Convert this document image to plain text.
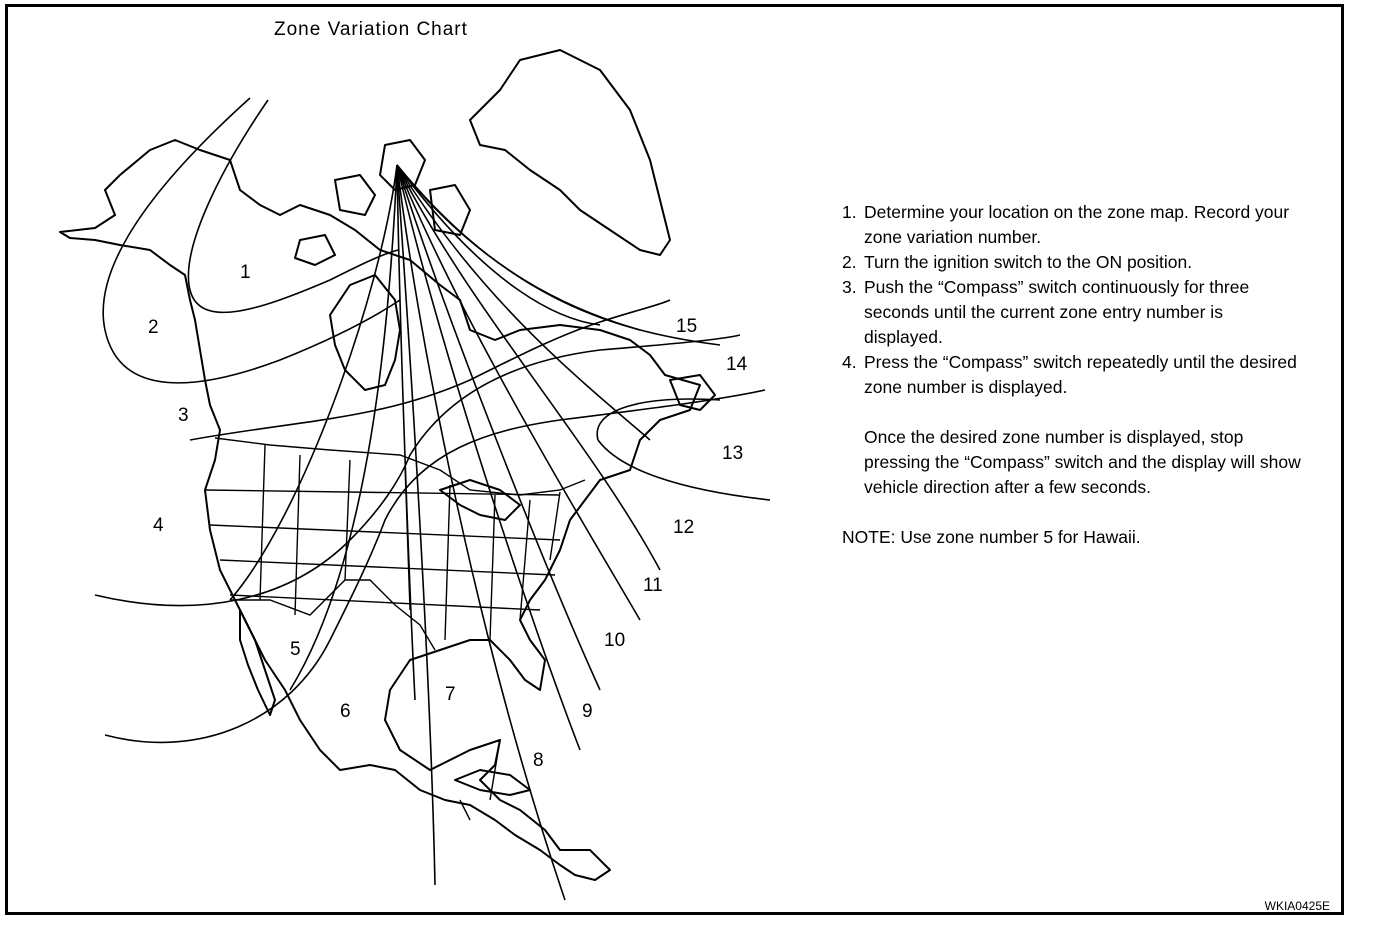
1
2
3
4
5
6
7
8
9
10
11
12
13
14
15
Zone Variation Chart
1. Determine your location on the zone map. Record your zone variation number.
2. Turn the ignition switch to the ON position.
3. Push the “Compass” switch continuously for three seconds until the current zone entry number is displayed.
4. Press the “Compass” switch repeatedly until the desired zone number is displayed.
Once the desired zone number is displayed, stop pressing the “Compass” switch and the display will show vehicle direction after a few seconds.
NOTE: Use zone number 5 for Hawaii.
WKIA0425E
